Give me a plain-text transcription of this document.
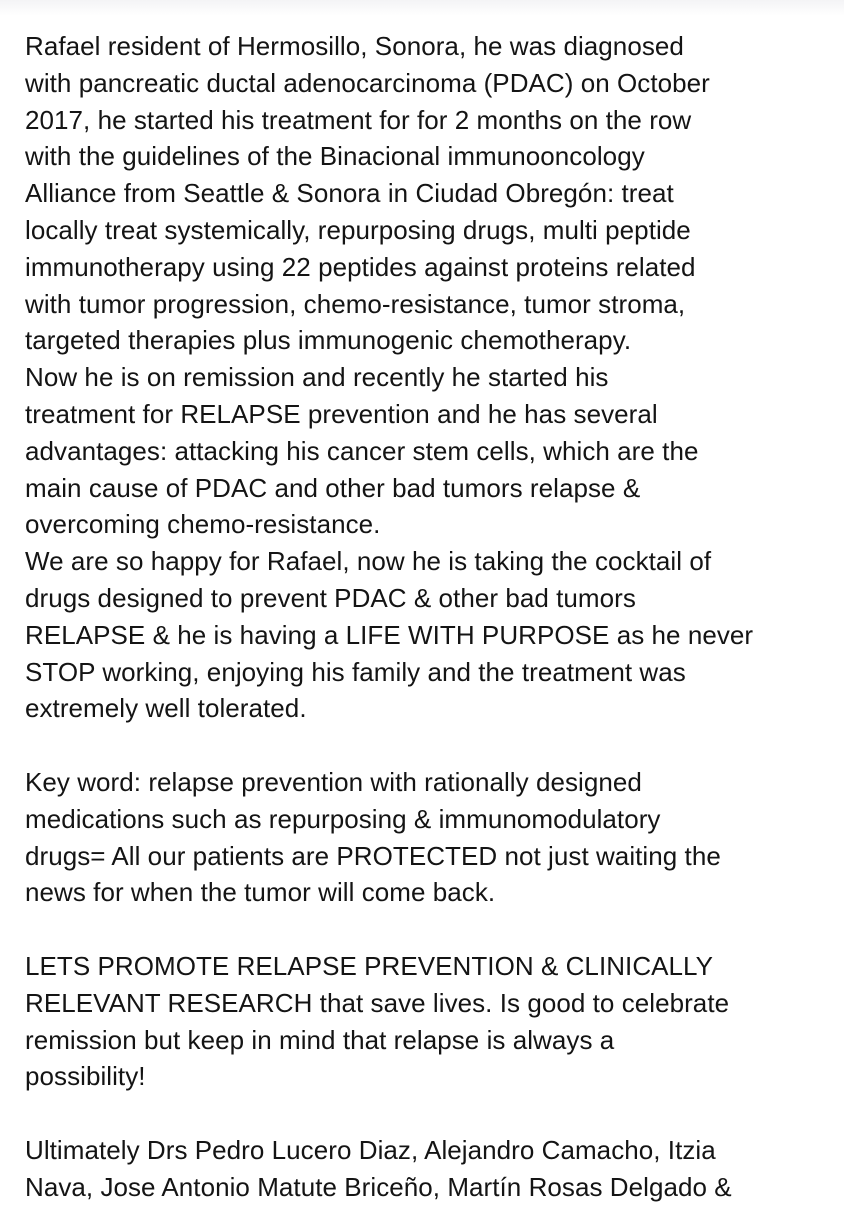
Rafael resident of Hermosillo, Sonora, he was diagnosed
with pancreatic ductal adenocarcinoma (PDAC) on October
2017, he started his treatment for for 2 months on the row
with the guidelines of the Binacional immunooncology
Alliance from Seattle & Sonora in Ciudad Obregón: treat
locally treat systemically, repurposing drugs, multi peptide
immunotherapy using 22 peptides against proteins related
with tumor progression, chemo-resistance, tumor stroma,
targeted therapies plus immunogenic chemotherapy.
Now he is on remission and recently he started his
treatment for RELAPSE prevention and he has several
advantages: attacking his cancer stem cells, which are the
main cause of PDAC and other bad tumors relapse &
overcoming chemo-resistance.
We are so happy for Rafael, now he is taking the cocktail of
drugs designed to prevent PDAC & other bad tumors
RELAPSE & he is having a LIFE WITH PURPOSE as he never
STOP working, enjoying his family and the treatment was
extremely well tolerated.

Key word: relapse prevention with rationally designed
medications such as repurposing & immunomodulatory
drugs= All our patients are PROTECTED not just waiting the
news for when the tumor will come back.

LETS PROMOTE RELAPSE PREVENTION & CLINICALLY
RELEVANT RESEARCH that save lives. Is good to celebrate
remission but keep in mind that relapse is always a
possibility!

Ultimately Drs Pedro Lucero Diaz, Alejandro Camacho, Itzia
Nava, Jose Antonio Matute Briceño, Martín Rosas Delgado &
